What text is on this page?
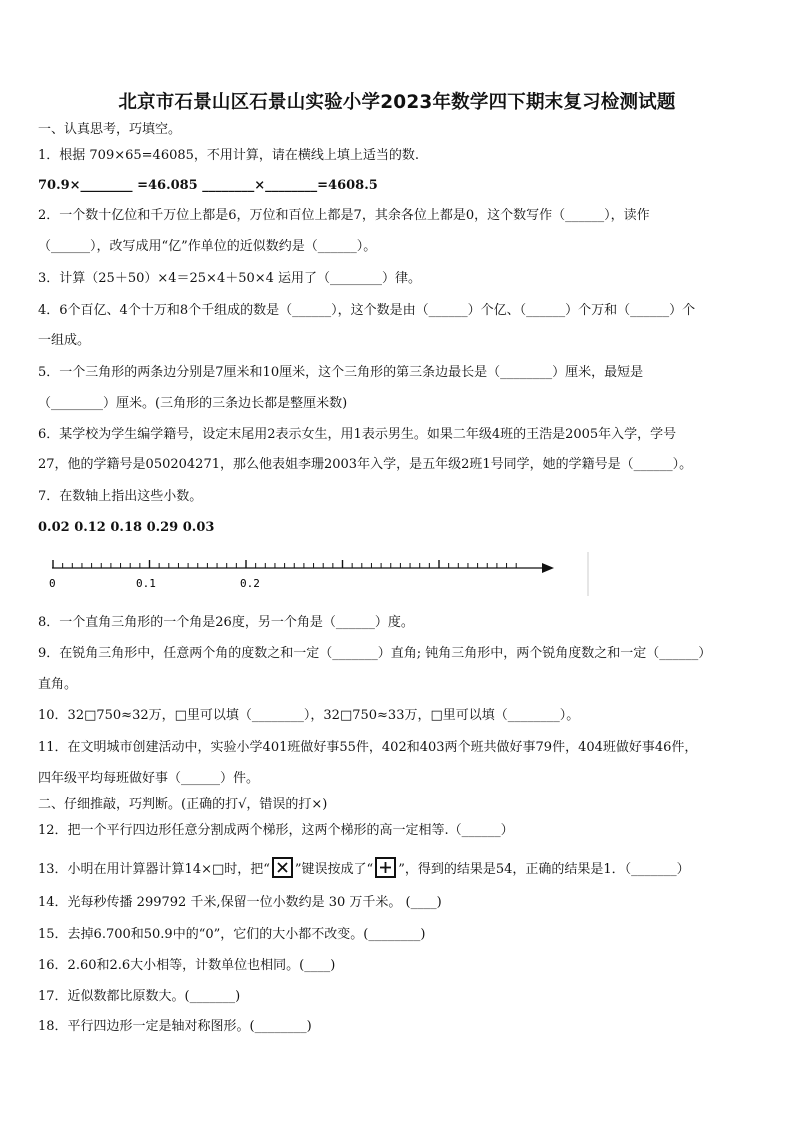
北京市石景山区石景山实验小学2023年数学四下期末复习检测试题
一、认真思考，巧填空。
1．根据 709×65=46085，不用计算，请在横线上填上适当的数.
70.9×________ =46.085 ________×________=4608.5
2．一个数十亿位和千万位上都是6，万位和百位上都是7，其余各位上都是0，这个数写作（______），读作
（______），改写成用“亿”作单位的近似数约是（______）。
3．计算（25＋50）×4＝25×4＋50×4 运用了（________）律。
4．6个百亿、4个十万和8个千组成的数是（______），这个数是由（______）个亿、（______）个万和（______）个
一组成。
5．一个三角形的两条边分别是7厘米和10厘米，这个三角形的第三条边最长是（________）厘米，最短是
（________）厘米。(三角形的三条边长都是整厘米数)
6．某学校为学生编学籍号，设定末尾用2表示女生，用1表示男生。如果二年级4班的王浩是2005年入学，学号
27，他的学籍号是050204271，那么他表姐李珊2003年入学，是五年级2班1号同学，她的学籍号是（______）。
7．在数轴上指出这些小数。
0.02 0.12 0.18 0.29 0.03
0	0.1	0.2
8．一个直角三角形的一个角是26度，另一个角是（______）度。
9．在锐角三角形中，任意两个角的度数之和一定（_______）直角; 钝角三角形中，两个锐角度数之和一定（______）
直角。
10．32□750≈32万，□里可以填（________），32□750≈33万，□里可以填（________）。
11．在文明城市创建活动中，实验小学401班做好事55件，402和403两个班共做好事79件，404班做好事46件，
四年级平均每班做好事（______）件。
二、仔细推敲，巧判断。(正确的打√，错误的打×)
12．把一个平行四边形任意分割成两个梯形，这两个梯形的高一定相等.（______）
13．小明在用计算器计算14×□时，把“ ”键误按成了“ ”，得到的结果是54，正确的结果是1．（_______）
14．光每秒传播 299792 千米,保留一位小数约是 30 万千米。 (____)
15．去掉6.700和50.9中的“0”，它们的大小都不改变。(________)
16．2.60和2.6大小相等，计数单位也相同。(____)
17．近似数都比原数大。(_______)
18．平行四边形一定是轴对称图形。(________)
